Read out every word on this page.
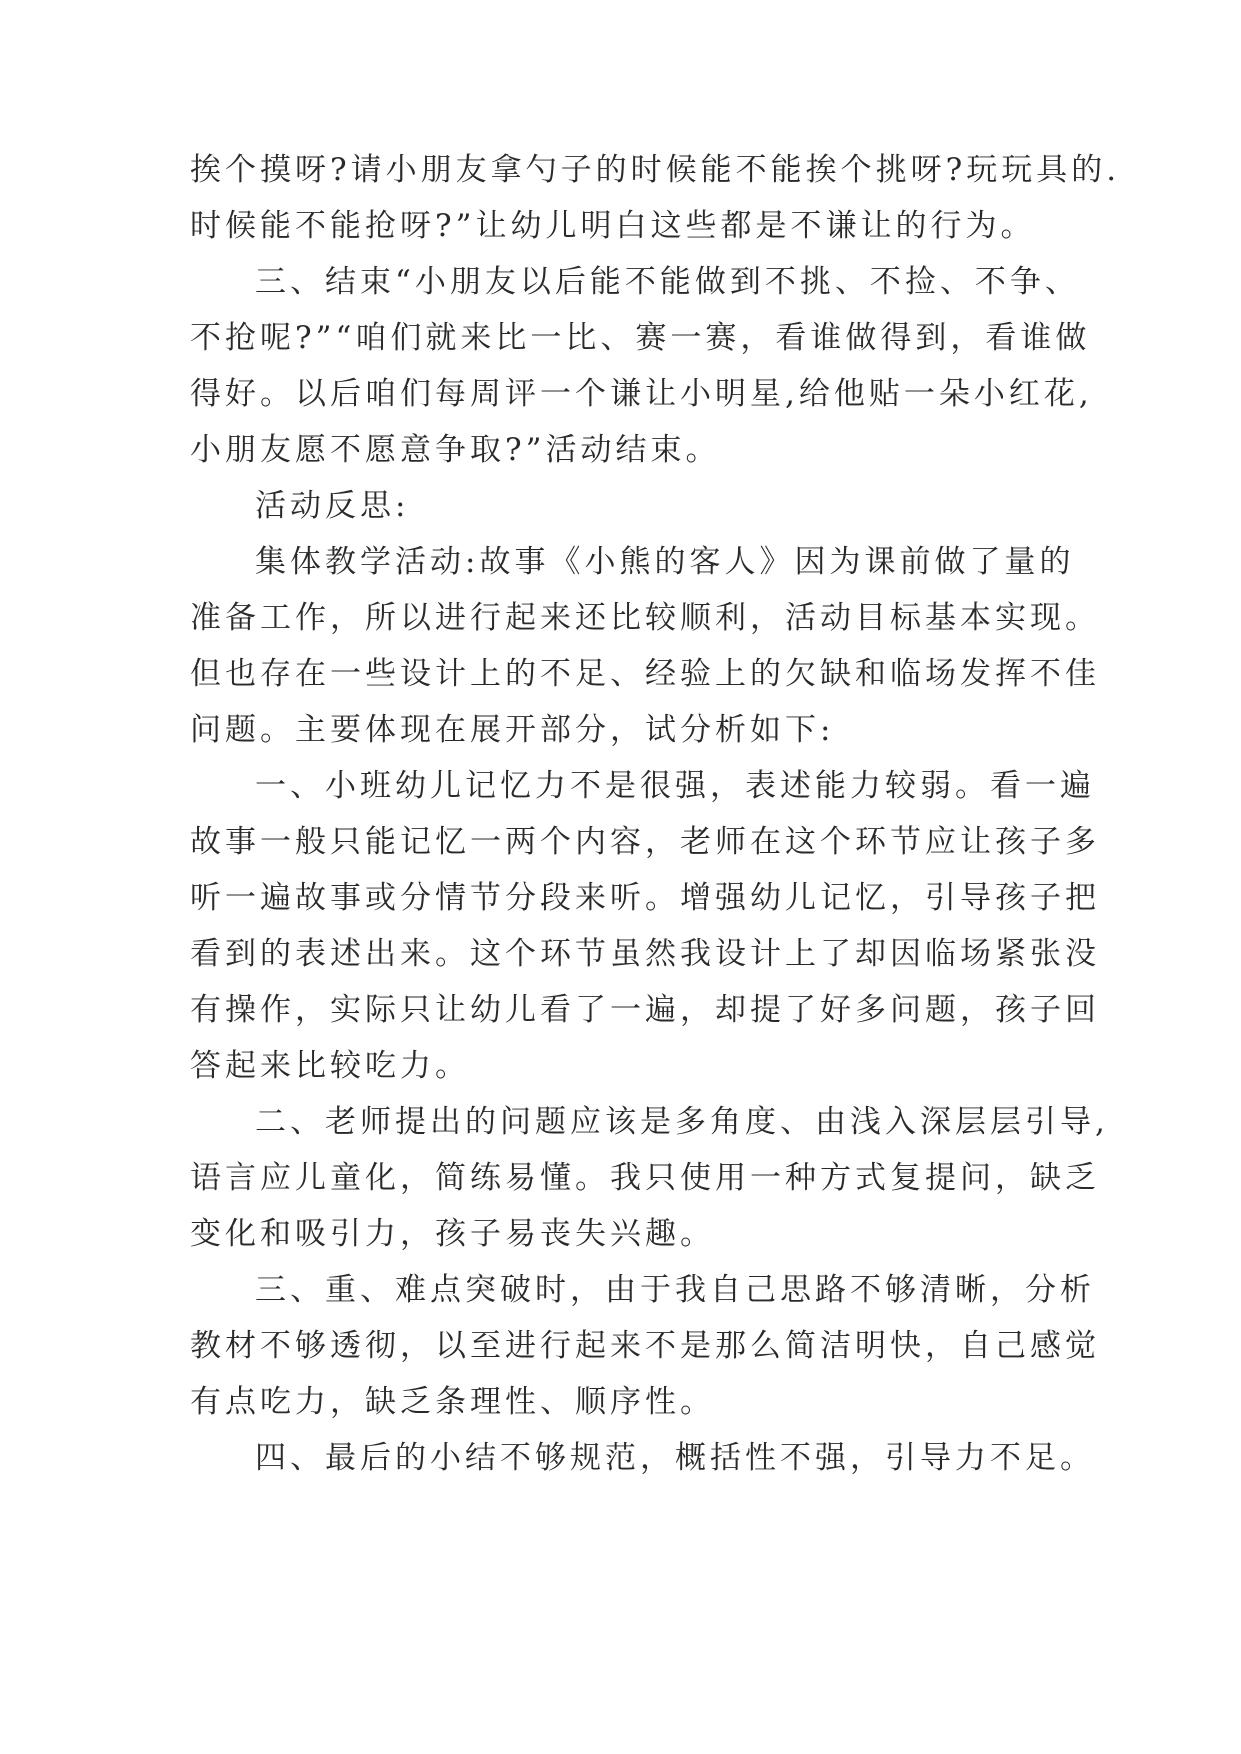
挨个摸呀?请小朋友拿勺子的时候能不能挨个挑呀?玩玩具的.
时候能不能抢呀?”让幼儿明白这些都是不谦让的行为。
三、结束“小朋友以后能不能做到不挑、不捡、不争、
不抢呢?”“咱们就来比一比、赛一赛，看谁做得到，看谁做
得好。以后咱们每周评一个谦让小明星,给他贴一朵小红花,
小朋友愿不愿意争取?”活动结束。
活动反思:
集体教学活动:故事《小熊的客人》因为课前做了量的
准备工作，所以进行起来还比较顺利，活动目标基本实现。
但也存在一些设计上的不足、经验上的欠缺和临场发挥不佳
问题。主要体现在展开部分，试分析如下:
一、小班幼儿记忆力不是很强，表述能力较弱。看一遍
故事一般只能记忆一两个内容，老师在这个环节应让孩子多
听一遍故事或分情节分段来听。增强幼儿记忆，引导孩子把
看到的表述出来。这个环节虽然我设计上了却因临场紧张没
有操作，实际只让幼儿看了一遍，却提了好多问题，孩子回
答起来比较吃力。
二、老师提出的问题应该是多角度、由浅入深层层引导,
语言应儿童化，简练易懂。我只使用一种方式复提问，缺乏
变化和吸引力，孩子易丧失兴趣。
三、重、难点突破时，由于我自己思路不够清晰，分析
教材不够透彻，以至进行起来不是那么简洁明快，自己感觉
有点吃力，缺乏条理性、顺序性。
四、最后的小结不够规范，概括性不强，引导力不足。
